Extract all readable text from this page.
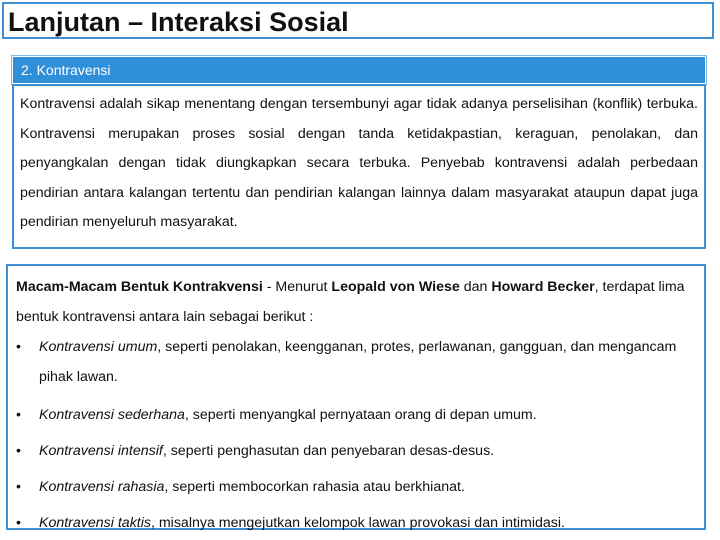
Lanjutan – Interaksi Sosial
2. Kontravensi

Kontravensi adalah sikap menentang dengan tersembunyi agar tidak adanya perselisihan (konflik) terbuka. Kontravensi merupakan proses sosial dengan tanda ketidakpastian, keraguan, penolakan, dan penyangkalan dengan tidak diungkapkan secara terbuka. Penyebab kontravensi adalah perbedaan pendirian antara kalangan tertentu dan pendirian kalangan lainnya dalam masyarakat ataupun dapat juga pendirian menyeluruh masyarakat.

Macam-Macam Bentuk Kontrakvensi - Menurut Leopald von Wiese dan Howard Becker, terdapat lima bentuk kontravensi antara lain sebagai berikut :

• Kontravensi umum, seperti penolakan, keengganan, protes, perlawanan, gangguan, dan mengancam pihak lawan.
• Kontravensi sederhana, seperti menyangkal pernyataan orang di depan umum.
• Kontravensi intensif, seperti penghasutan dan penyebaran desas-desus.
• Kontravensi rahasia, seperti membocorkan rahasia atau berkhianat.
• Kontravensi taktis, misalnya mengejutkan kelompok lawan provokasi dan intimidasi.
